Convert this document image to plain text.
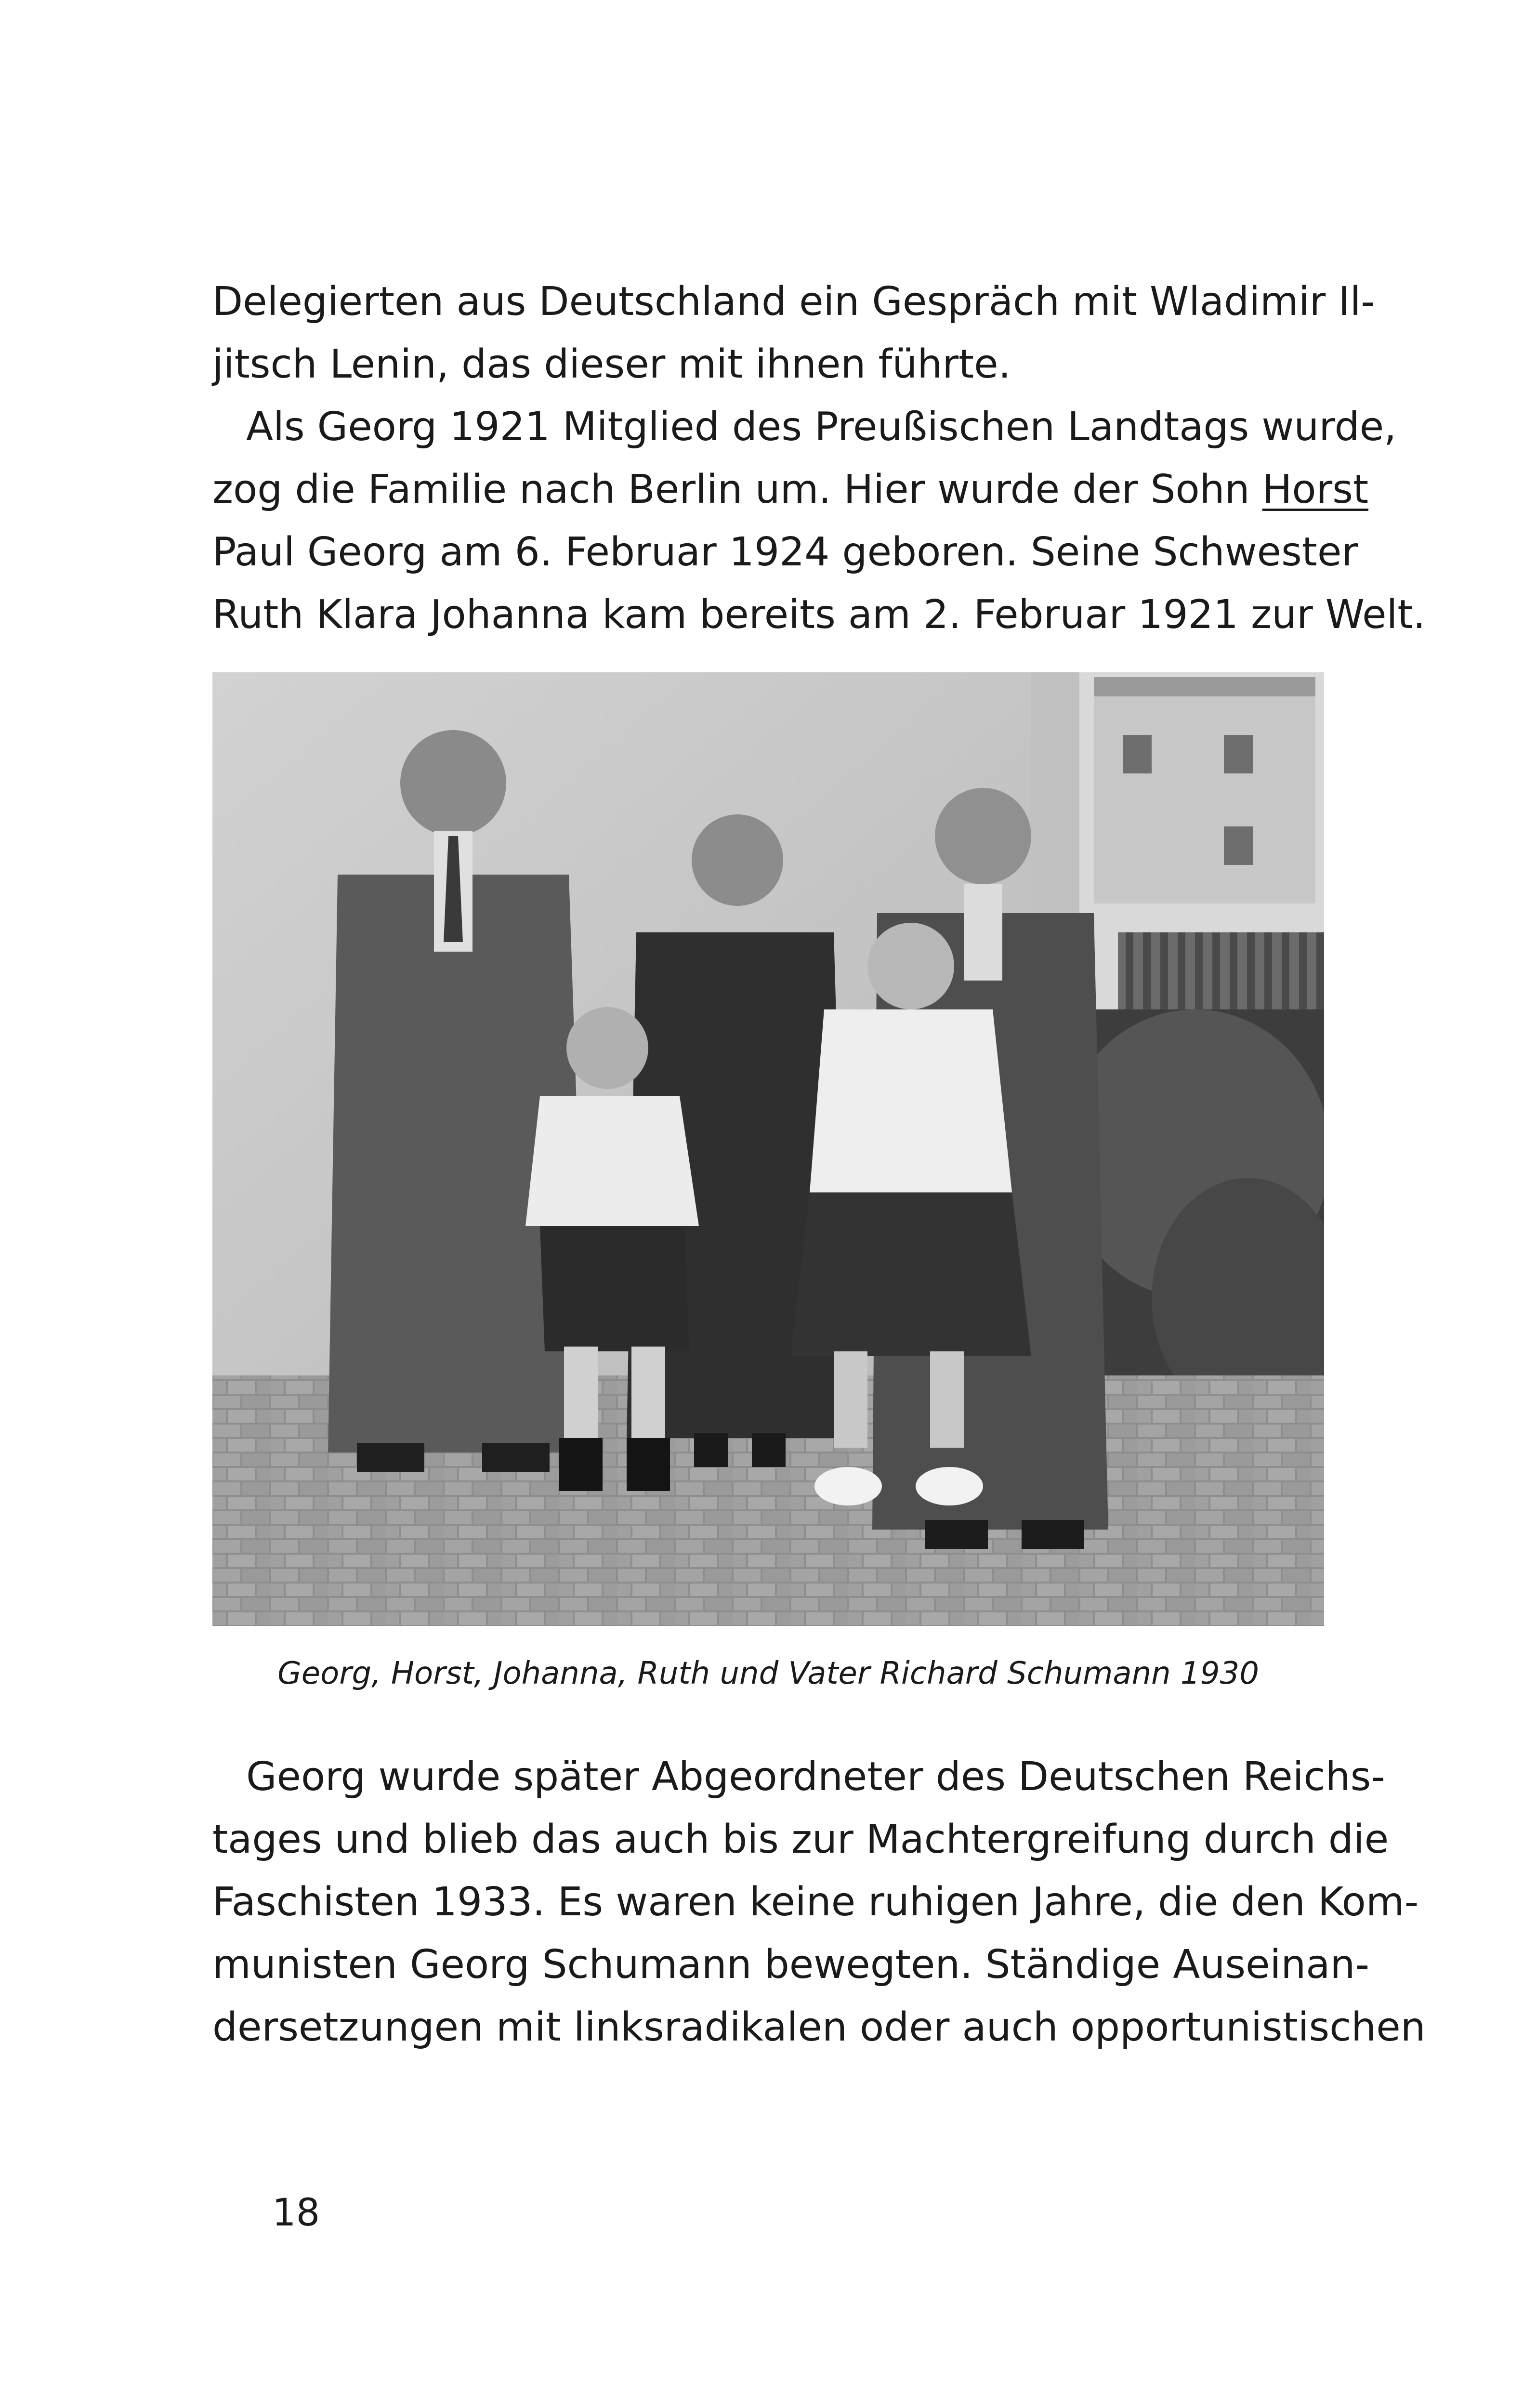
Delegierten aus Deutschland ein Gespräch mit Wladimir Il-
jitsch Lenin, das dieser mit ihnen führte.
Als Georg 1921 Mitglied des Preußischen Landtags wurde,
zog die Familie nach Berlin um. Hier wurde der Sohn Horst
Paul Georg am 6. Februar 1924 geboren. Seine Schwester
Ruth Klara Johanna kam bereits am 2. Februar 1921 zur Welt.
Georg, Horst, Johanna, Ruth und Vater Richard Schumann 1930
Georg wurde später Abgeordneter des Deutschen Reichs-
tages und blieb das auch bis zur Machtergreifung durch die
Faschisten 1933. Es waren keine ruhigen Jahre, die den Kom-
munisten Georg Schumann bewegten. Ständige Auseinan-
dersetzungen mit linksradikalen oder auch opportunistischen
18
